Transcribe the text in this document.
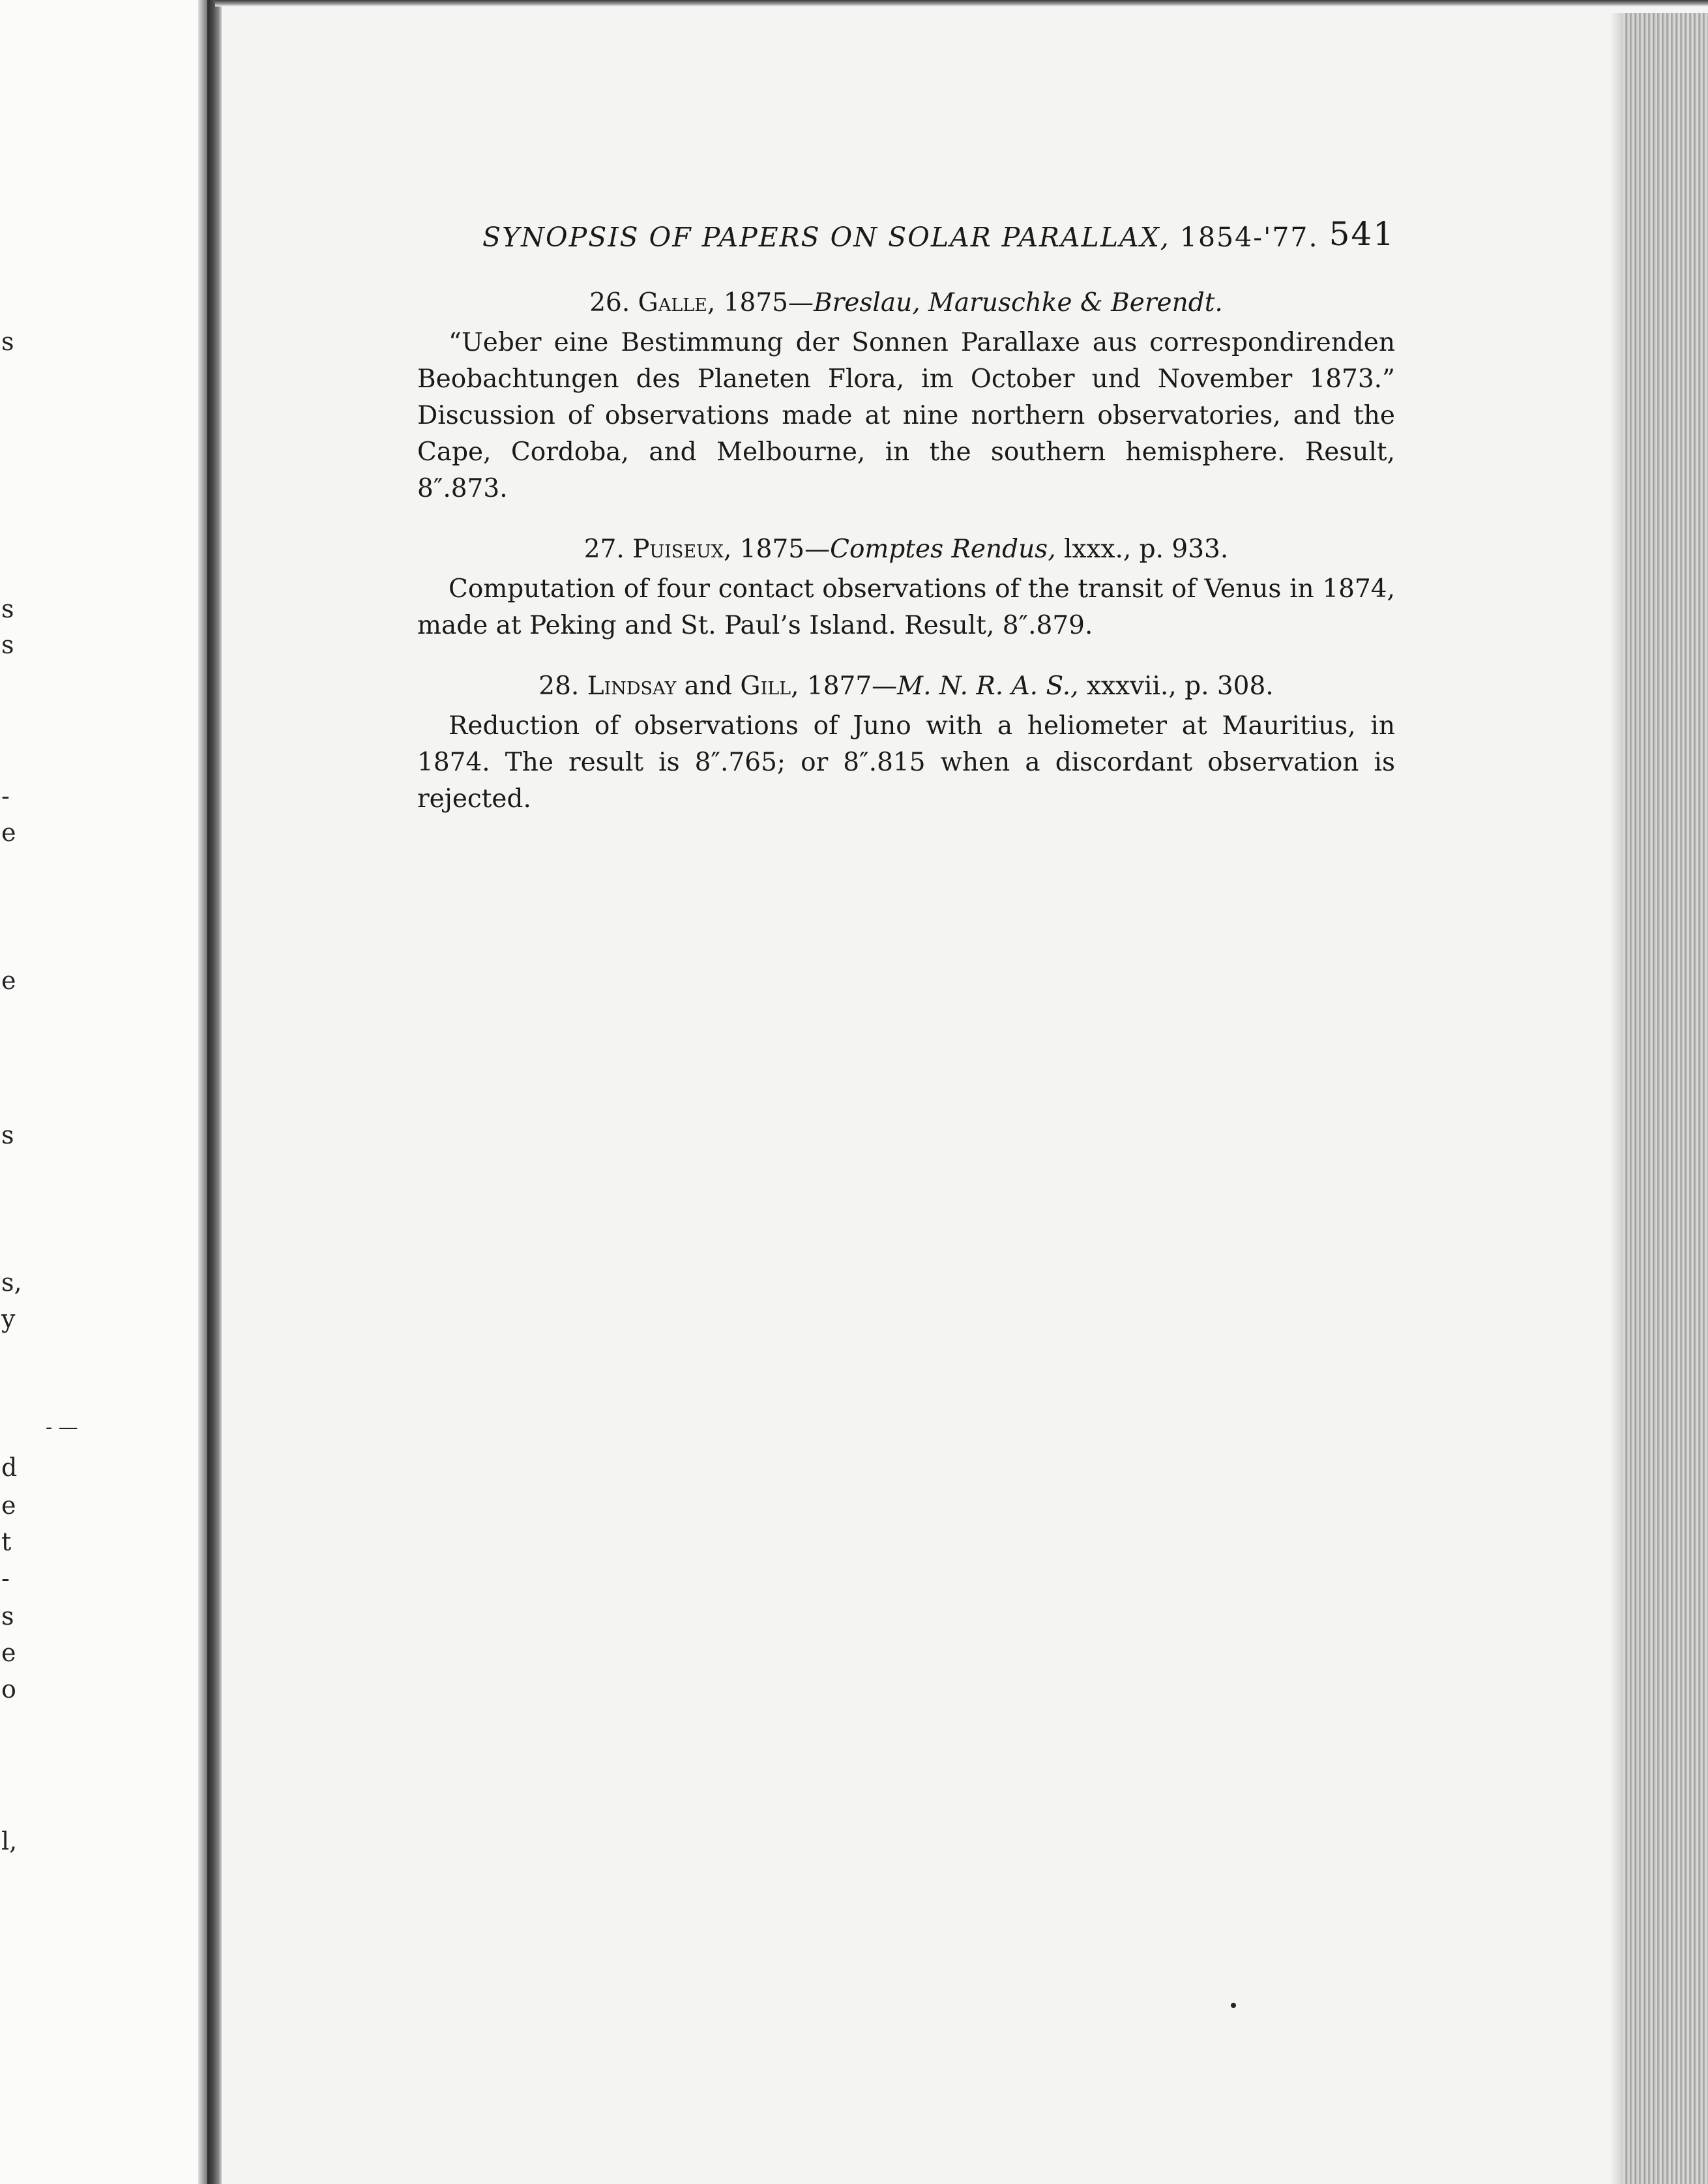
s
s
s
-
e
e
s
s,
y
- —
d
e
t
-
s
e
o
l,
SYNOPSIS OF PAPERS ON SOLAR PARALLAX, 1854-'77. 541
26. Galle, 1875—Breslau, Maruschke & Berendt.
“Ueber eine Bestimmung der Sonnen Parallaxe aus correspondirenden Beobachtungen des Planeten Flora, im October und November 1873.” Discussion of observations made at nine northern observatories, and the Cape, Cordoba, and Melbourne, in the southern hemisphere. Result, 8″.873.
27. Puiseux, 1875—Comptes Rendus, lxxx., p. 933.
Computation of four contact observations of the transit of Venus in 1874, made at Peking and St. Paul’s Island. Result, 8″.879.
28. Lindsay and Gill, 1877—M. N. R. A. S., xxxvii., p. 308.
Reduction of observations of Juno with a heliometer at Mauritius, in 1874. The result is 8″.765; or 8″.815 when a discordant observation is rejected.
